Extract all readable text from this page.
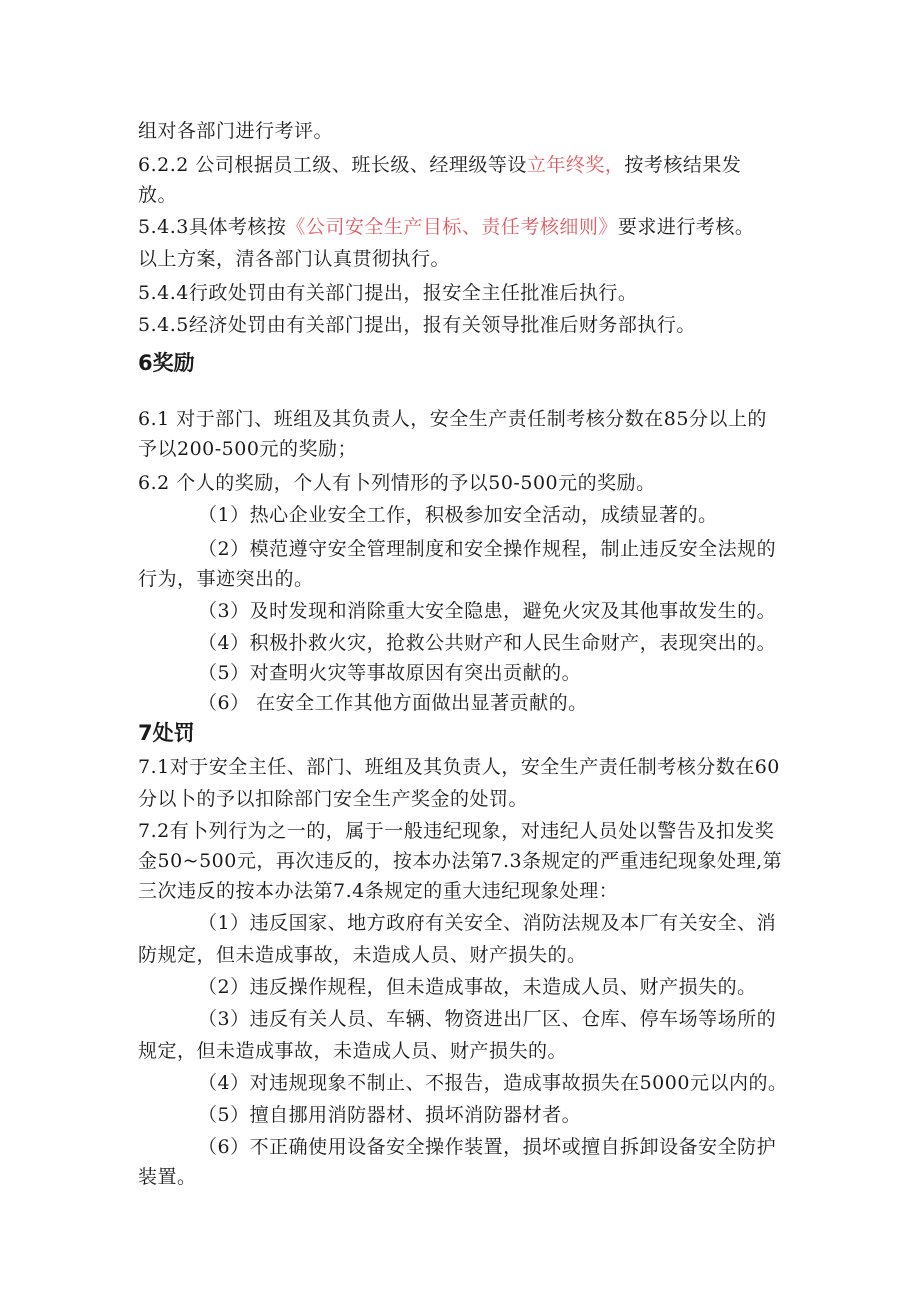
组对各部门进行考评。
6.2.2 公司根据员工级、班长级、经理级等设立年终奖，按考核结果发
放。
5.4.3具体考核按《公司安全生产目标、责任考核细则》要求进行考核。
以上方案，清各部门认真贯彻执行。
5.4.4行政处罚由有关部门提出，报安全主任批准后执行。
5.4.5经济处罚由有关部门提出，报有关领导批准后财务部执行。
6奖励
6.1 对于部门、班组及其负责人，安全生产责任制考核分数在85分以上的
予以200-500元的奖励；
6.2 个人的奖励，个人有卜列情形的予以50-500元的奖励。
（1）热心企业安全工作，积极参加安全活动，成绩显著的。
（2）模范遵守安全管理制度和安全操作规程，制止违反安全法规的
行为，事迹突出的。
（3）及时发现和消除重大安全隐患，避免火灾及其他事故发生的。
（4）积极扑救火灾，抢救公共财产和人民生命财产，表现突出的。
（5）对查明火灾等事故原因有突出贡献的。
（6） 在安全工作其他方面做出显著贡献的。
7处罚
7.1对于安全主任、部门、班组及其负责人，安全生产责任制考核分数在60
分以卜的予以扣除部门安全生产奖金的处罚。
7.2有卜列行为之一的，属于一般违纪现象，对违纪人员处以警告及扣发奖
金50~500元，再次违反的，按本办法第7.3条规定的严重违纪现象处理,第
三次违反的按本办法第7.4条规定的重大违纪现象处理：
（1）违反国家、地方政府有关安全、消防法规及本厂有关安全、消
防规定，但未造成事故，未造成人员、财产损失的。
（2）违反操作规程，但未造成事故，未造成人员、财产损失的。
（3）违反有关人员、车辆、物资进出厂区、仓库、停车场等场所的
规定，但未造成事故，未造成人员、财产损失的。
（4）对违规现象不制止、不报告，造成事故损失在5000元以内的。
（5）擅自挪用消防器材、损坏消防器材者。
（6）不正确使用设备安全操作装置，损坏或擅自拆卸设备安全防护
装置。
